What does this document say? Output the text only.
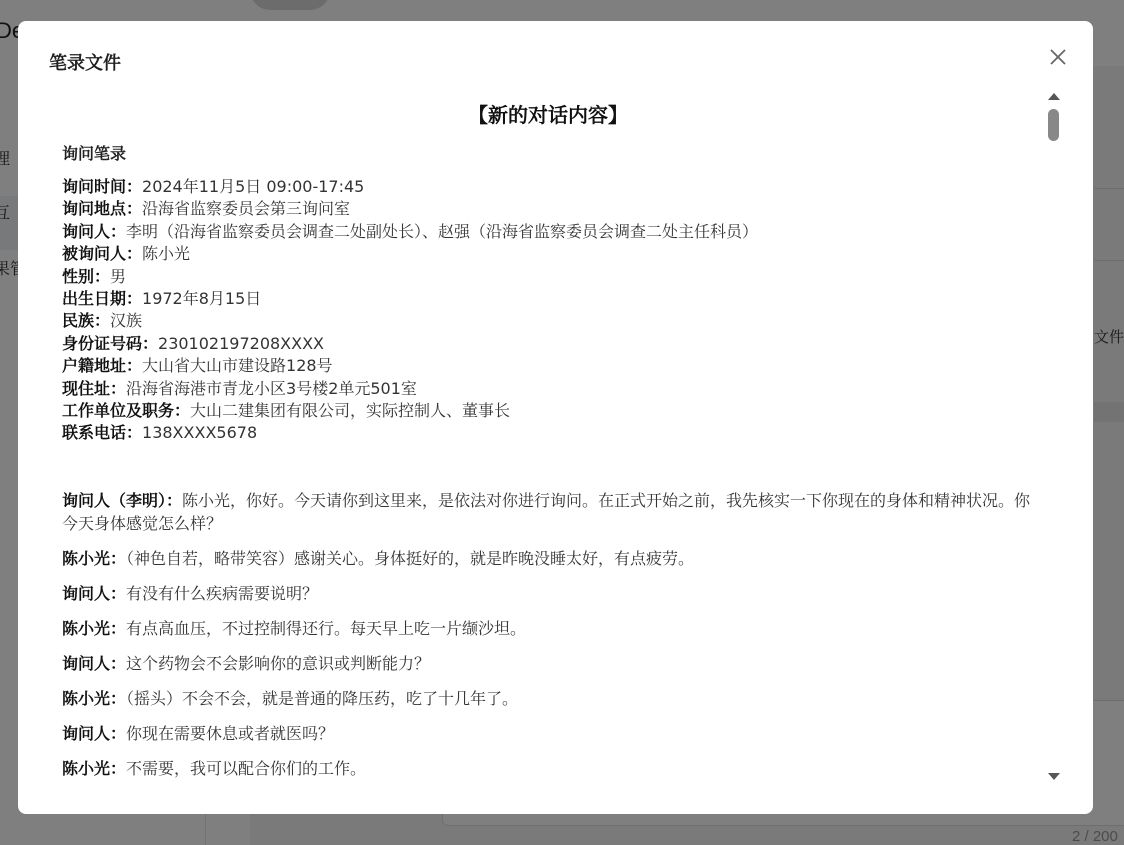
笔录文件
【新的对话内容】
询问笔录
询问时间：2024年11月5日 09:00-17:45
询问地点：沿海省监察委员会第三询问室
询问人：李明（沿海省监察委员会调查二处副处长）、赵强（沿海省监察委员会调查二处主任科员）
被询问人：陈小光
性别：男
出生日期：1972年8月15日
民族：汉族
身份证号码：230102197208XXXX
户籍地址：大山省大山市建设路128号
现住址：沿海省海港市青龙小区3号楼2单元501室
工作单位及职务：大山二建集团有限公司，实际控制人、董事长
联系电话：138XXXX5678
询问人（李明）：陈小光，你好。今天请你到这里来，是依法对你进行询问。在正式开始之前，我先核实一下你现在的身体和精神状况。你今天身体感觉怎么样？
陈小光：（神色自若，略带笑容）感谢关心。身体挺好的，就是昨晚没睡太好，有点疲劳。
询问人：有没有什么疾病需要说明？
陈小光：有点高血压，不过控制得还行。每天早上吃一片缬沙坦。
询问人：这个药物会不会影响你的意识或判断能力？
陈小光：（摇头）不会不会，就是普通的降压药，吃了十几年了。
询问人：你现在需要休息或者就医吗？
陈小光：不需要，我可以配合你们的工作。
